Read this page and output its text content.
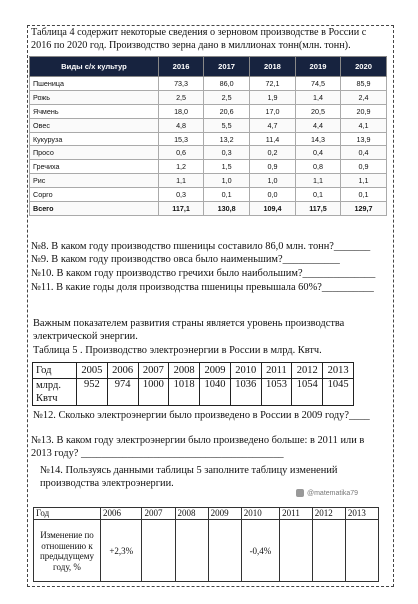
Таблица 4 содержит некоторые сведения о зерновом производстве в России с 2016 по 2020 год. Производство зерна дано в миллионах тонн(млн. тонн).

Виды с/х культур	2016	2017	2018	2019	2020
Пшеница	73,3	86,0	72,1	74,5	85,9
Рожь	2,5	2,5	1,9	1,4	2,4
Ячмень	18,0	20,6	17,0	20,5	20,9
Овес	4,8	5,5	4,7	4,4	4,1
Кукуруза	15,3	13,2	11,4	14,3	13,9
Просо	0,6	0,3	0,2	0,4	0,4
Гречиха	1,2	1,5	0,9	0,8	0,9
Рис	1,1	1,0	1,0	1,1	1,1
Сорго	0,3	0,1	0,0	0,1	0,1
Всего	117,1	130,8	109,4	117,5	129,7

№8. В каком году производство пшеницы составило 86,0 млн. тонн?_______

№9. В каком году производство овса было наименьшим?___________

№10. В каком году производство гречихи было наибольшим?______________

№11. В какие годы доля производства пшеницы превышала 60%?__________

Важным показателем развития страны является уровень производства электрической энергии.

Таблица 5 . Производство электроэнергии в России в млрд. Квтч.

Год	2005	2006	2007	2008	2009	2010	2011	2012	2013
млрд. Квтч	952	974	1000	1018	1040	1036	1053	1054	1045

№12. Сколько электроэнергии было произведено в России в 2009 году?____

№13. В каком году электроэнергии было произведено больше: в 2011 или в 2013 году? _______________________________________

№14. Пользуясь данными таблицы 5 заполните таблицу изменений производства электроэнергии.

@matematika79
Год	2006	2007	2008	2009	2010	2011	2012	2013
Изменение по отношению к предыдущему году, %	+2,3%				-0,4%			
